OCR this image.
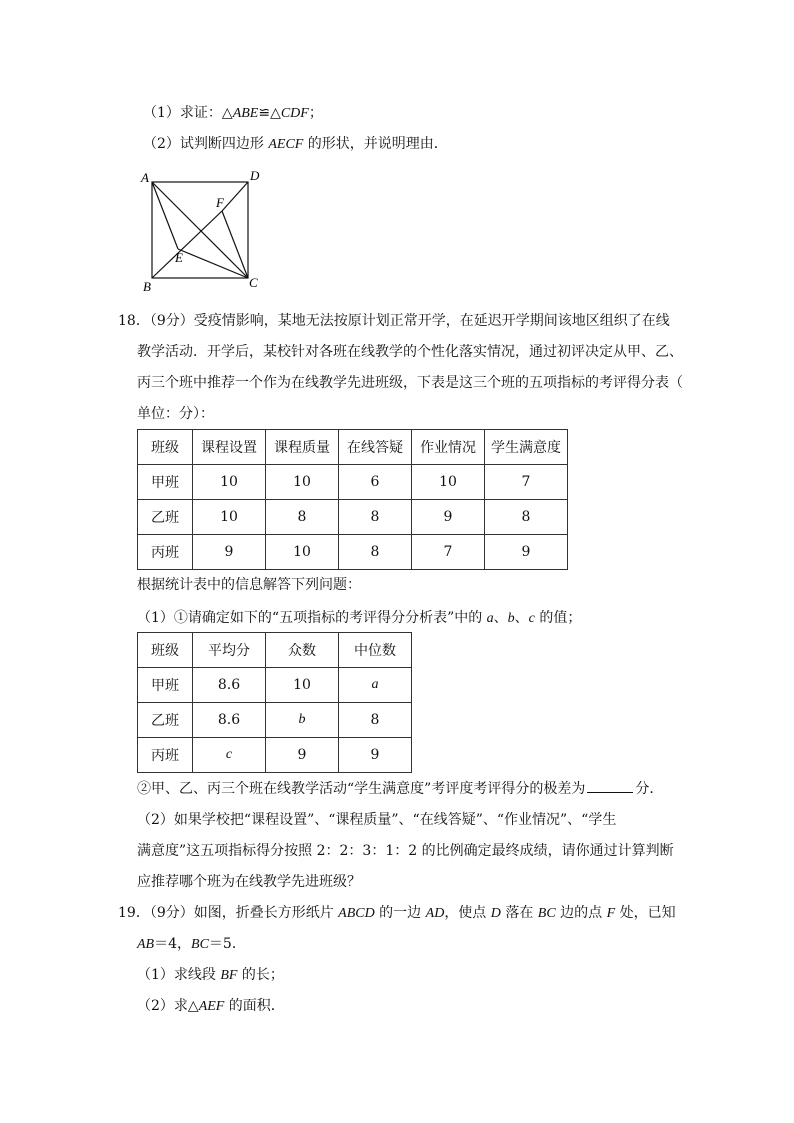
（1）求证：△ABE≌△CDF；
（2）试判断四边形 AECF 的形状，并说明理由．
A	D
F
E
B	C
18．（9分）受疫情影响，某地无法按原计划正常开学，在延迟开学期间该地区组织了在线
教学活动．开学后，某校针对各班在线教学的个性化落实情况，通过初评决定从甲、乙、
丙三个班中推荐一个作为在线教学先进班级，下表是这三个班的五项指标的考评得分表（
单位：分）：
班级	课程设置	课程质量	在线答疑	作业情况	学生满意度
甲班	10	10	6	10	7
乙班	10	8	8	9	8
丙班	9	10	8	7	9
根据统计表中的信息解答下列问题：
（1）①请确定如下的“五项指标的考评得分分析表”中的 a、b、c 的值；
班级	平均分	众数	中位数
甲班	8.6	10	a
乙班	8.6	b	8
丙班	c	9	9
②甲、乙、丙三个班在线教学活动“学生满意度”考评度考评得分的极差为	分．
（2）如果学校把“课程设置”、“课程质量”、“在线答疑”、“作业情况”、“学生
满意度”这五项指标得分按照 2：2：3：1：2 的比例确定最终成绩，请你通过计算判断
应推荐哪个班为在线教学先进班级？
19．（9分）如图，折叠长方形纸片 ABCD 的一边 AD，使点 D 落在 BC 边的点 F 处，已知
AB＝4，BC＝5．
（1）求线段 BF 的长；
（2）求△AEF 的面积．
